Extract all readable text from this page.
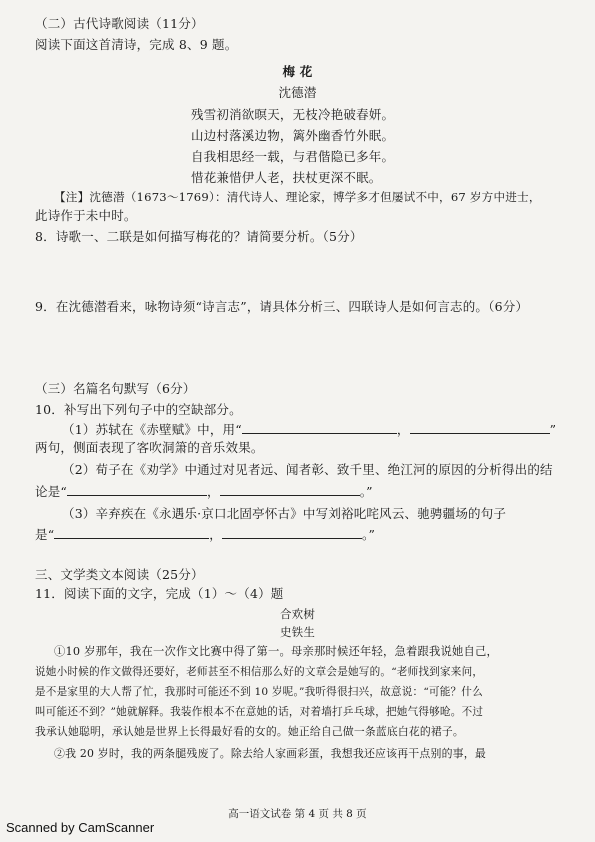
（二）古代诗歌阅读（11分）
阅读下面这首清诗，完成 8、9 题。
梅 花
沈德潜
残雪初消欲暝天，无枝冷艳破春妍。
山边村落溪边物，篱外幽香竹外眠。
自我相思经一载，与君偕隐已多年。
惜花兼惜伊人老，扶杖更深不眠。
【注】沈德潜（1673～1769）：清代诗人、理论家，博学多才但屡试不中，67 岁方中进士，
此诗作于未中时。
8．诗歌一、二联是如何描写梅花的？请简要分析。（5分）
9．在沈德潜看来，咏物诗须“诗言志”，请具体分析三、四联诗人是如何言志的。（6分）
（三）名篇名句默写（6分）
10．补写出下列句子中的空缺部分。
（1）苏轼在《赤壁赋》中，用“	，	”
两句，侧面表现了客吹洞箫的音乐效果。
（2）荀子在《劝学》中通过对见者远、闻者彰、致千里、绝江河的原因的分析得出的结
论是“	，	。”
（3）辛弃疾在《永遇乐·京口北固亭怀古》中写刘裕叱咤风云、驰骋疆场的句子
是“	，	。”
三、文学类文本阅读（25分）
11．阅读下面的文字，完成（1）～（4）题
合欢树
史铁生
①10 岁那年，我在一次作文比赛中得了第一。母亲那时候还年轻，急着跟我说她自己，
说她小时候的作文做得还要好，老师甚至不相信那么好的文章会是她写的。“老师找到家来问，
是不是家里的大人帮了忙，我那时可能还不到 10 岁呢。”我听得很扫兴，故意说：“可能？什么
叫可能还不到？”她就解释。我装作根本不在意她的话，对着墙打乒乓球，把她气得够呛。不过
我承认她聪明，承认她是世界上长得最好看的女的。她正给自己做一条蓝底白花的裙子。
②我 20 岁时，我的两条腿残废了。除去给人家画彩蛋，我想我还应该再干点别的事，最
高一语文试卷 第 4 页 共 8 页
Scanned by CamScanner
